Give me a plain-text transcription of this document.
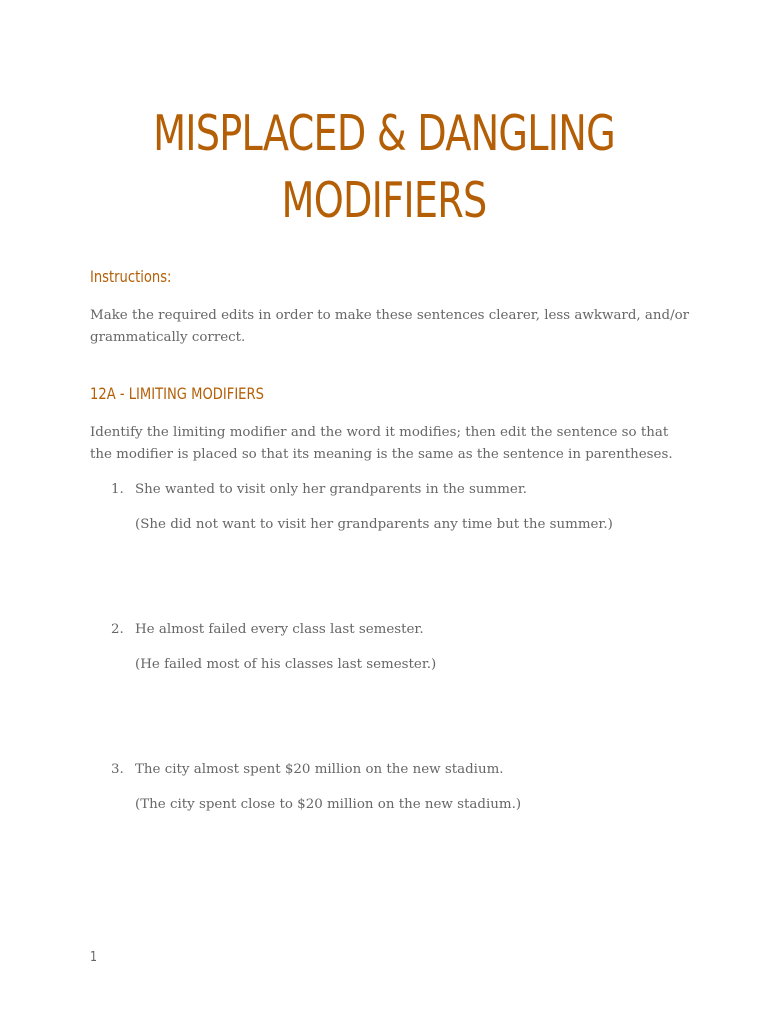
MISPLACED & DANGLING
MODIFIERS
Instructions:

Make the required edits in order to make these sentences clearer, less awkward, and/or grammatically correct.

12A - LIMITING MODIFIERS

Identify the limiting modifier and the word it modifies; then edit the sentence so that the modifier is placed so that its meaning is the same as the sentence in parentheses.

1. She wanted to visit only her grandparents in the summer.
(She did not want to visit her grandparents any time but the summer.)
2. He almost failed every class last semester.
(He failed most of his classes last semester.)
3. The city almost spent $20 million on the new stadium.
(The city spent close to $20 million on the new stadium.)
1
